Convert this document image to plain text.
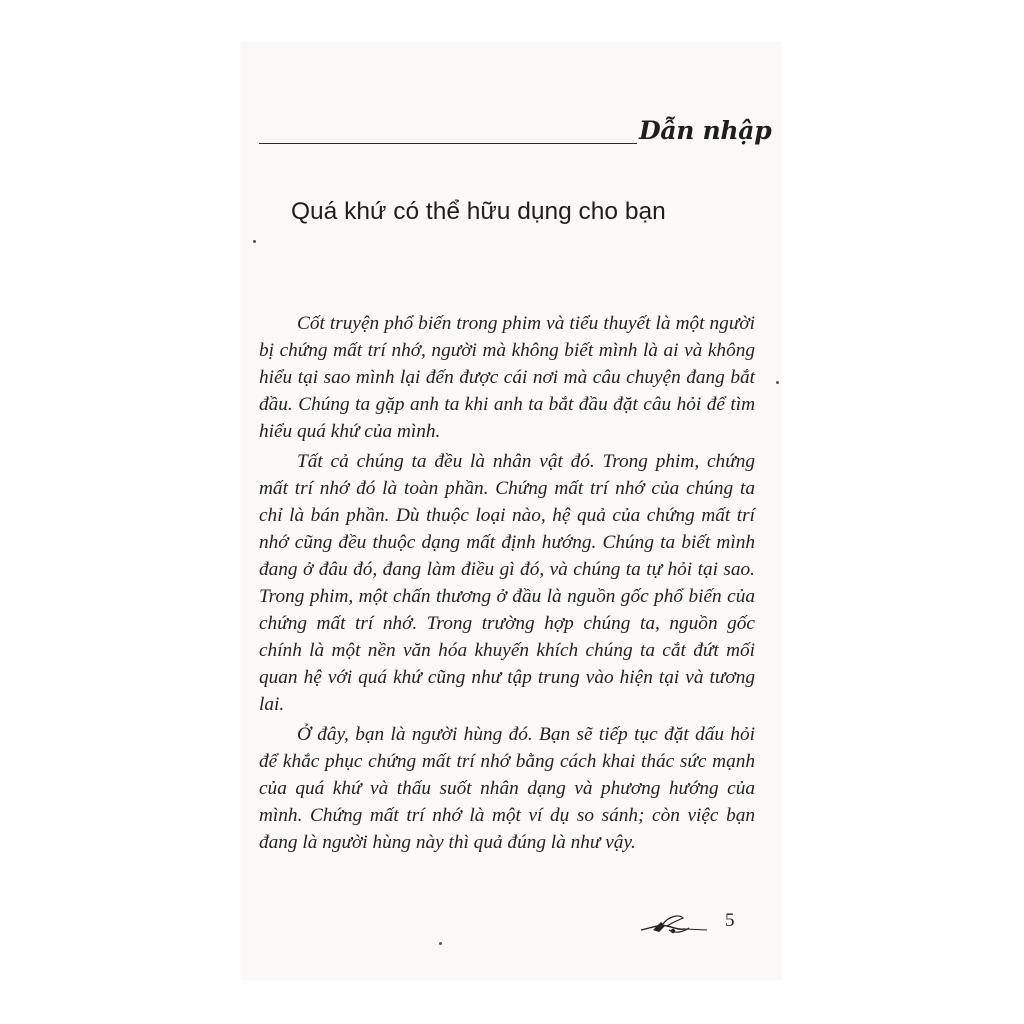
Dẫn nhập
Quá khứ có thể hữu dụng cho bạn

Cốt truyện phổ biến trong phim và tiểu thuyết là một người bị chứng mất trí nhớ, người mà không biết mình là ai và không hiểu tại sao mình lại đến được cái nơi mà câu chuyện đang bắt đầu. Chúng ta gặp anh ta khi anh ta bắt đầu đặt câu hỏi để tìm hiểu quá khứ của mình.

Tất cả chúng ta đều là nhân vật đó. Trong phim, chứng mất trí nhớ đó là toàn phần. Chứng mất trí nhớ của chúng ta chỉ là bán phần. Dù thuộc loại nào, hệ quả của chứng mất trí nhớ cũng đều thuộc dạng mất định hướng. Chúng ta biết mình đang ở đâu đó, đang làm điều gì đó, và chúng ta tự hỏi tại sao. Trong phim, một chấn thương ở đầu là nguồn gốc phổ biến của chứng mất trí nhớ. Trong trường hợp chúng ta, nguồn gốc chính là một nền văn hóa khuyến khích chúng ta cắt đứt mối quan hệ với quá khứ cũng như tập trung vào hiện tại và tương lai.

Ở đây, bạn là người hùng đó. Bạn sẽ tiếp tục đặt dấu hỏi để khắc phục chứng mất trí nhớ bằng cách khai thác sức mạnh của quá khứ và thấu suốt nhân dạng và phương hướng của mình. Chứng mất trí nhớ là một ví dụ so sánh; còn việc bạn đang là người hùng này thì quả đúng là như vậy.

5
